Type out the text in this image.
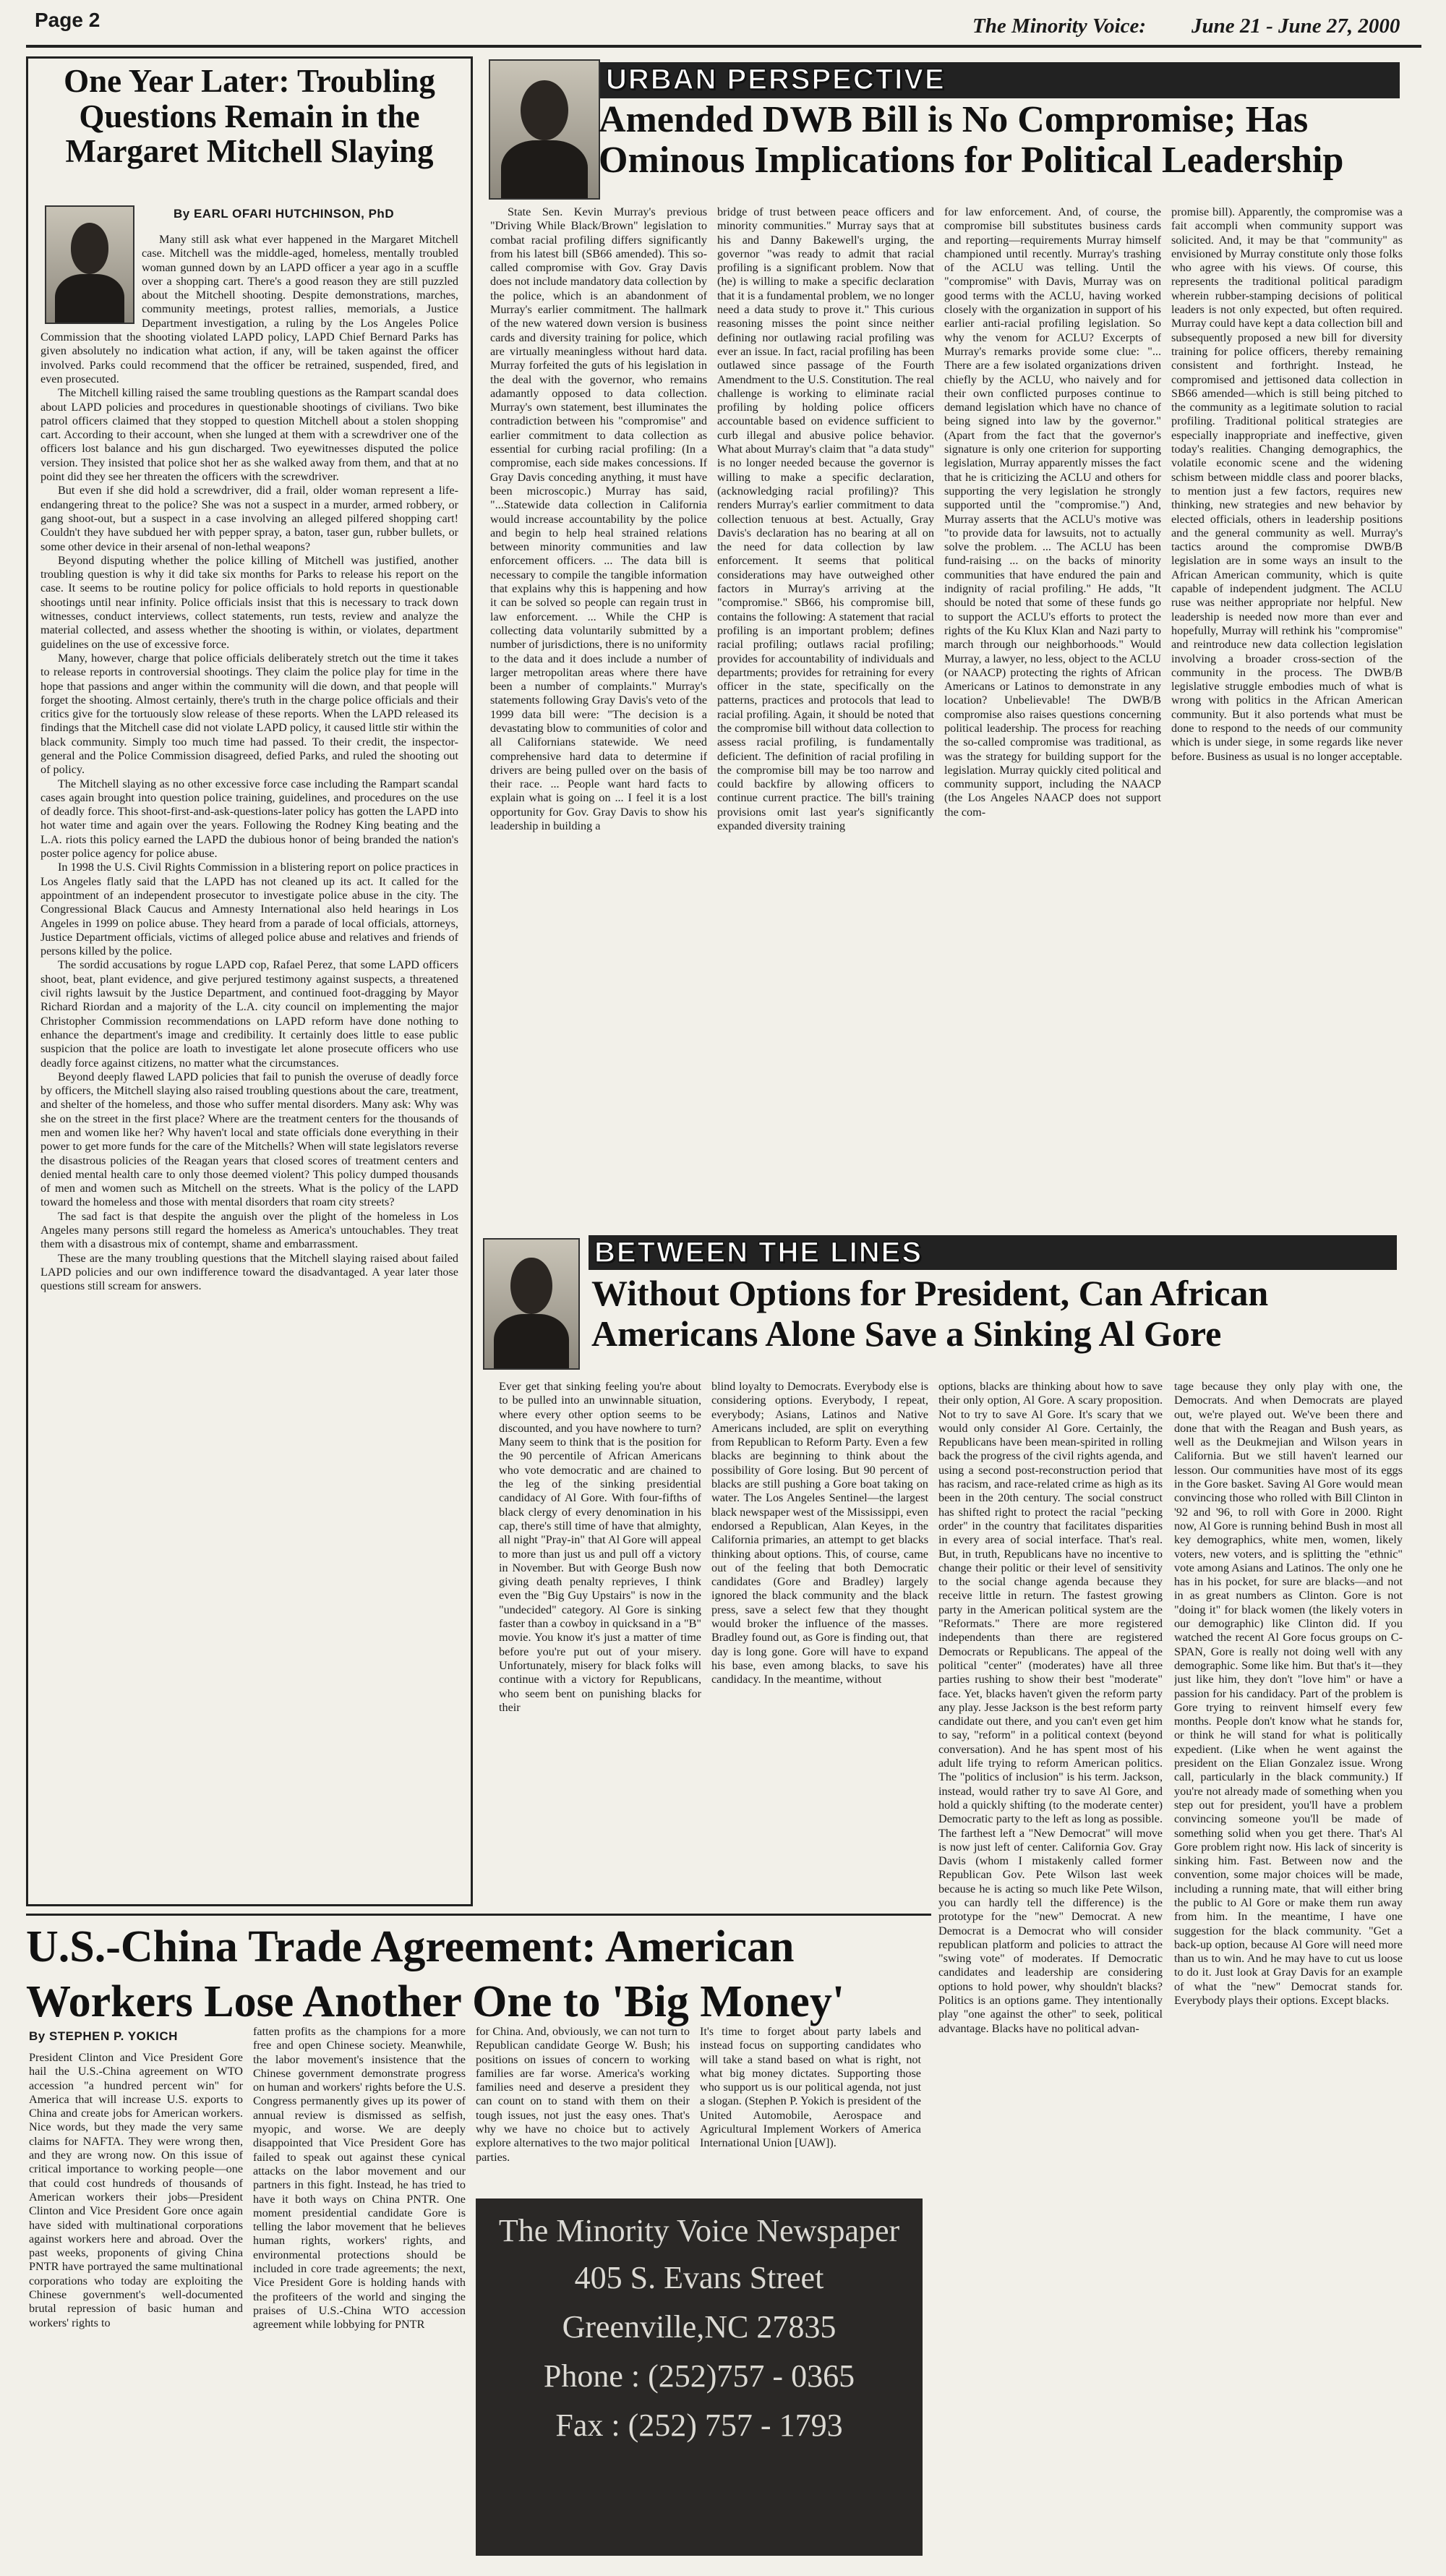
Page 2	The Minority Voice: June 21 - June 27, 2000
One Year Later: Troubling Questions Remain in the Margaret Mitchell Slaying
By EARL OFARI HUTCHINSON, PhD

Many still ask what ever happened in the Margaret Mitchell case. Mitchell was the middle-aged, homeless, mentally troubled woman gunned down by an LAPD officer a year ago in a scuffle over a shopping cart. There's a good reason they are still puzzled about the Mitchell shooting. Despite demonstrations, marches, community meetings, protest rallies, memorials, a Justice Department investigation, a ruling by the Los Angeles Police Commission that the shooting violated LAPD policy, LAPD Chief Bernard Parks has given absolutely no indication what action, if any, will be taken against the officer involved. Parks could recommend that the officer be retrained, suspended, fired, and even prosecuted.

The Mitchell killing raised the same troubling questions as the Rampart scandal does about LAPD policies and procedures in questionable shootings of civilians. Two bike patrol officers claimed that they stopped to question Mitchell about a stolen shopping cart. According to their account, when she lunged at them with a screwdriver one of the officers lost balance and his gun discharged. Two eyewitnesses disputed the police version. They insisted that police shot her as she walked away from them, and that at no point did they see her threaten the officers with the screwdriver.

But even if she did hold a screwdriver, did a frail, older woman represent a life-endangering threat to the police? She was not a suspect in a murder, armed robbery, or gang shoot-out, but a suspect in a case involving an alleged pilfered shopping cart! Couldn't they have subdued her with pepper spray, a baton, taser gun, rubber bullets, or some other device in their arsenal of non-lethal weapons?

Beyond disputing whether the police killing of Mitchell was justified, another troubling question is why it did take six months for Parks to release his report on the case. It seems to be routine policy for police officials to hold reports in questionable shootings until near infinity. Police officials insist that this is necessary to track down witnesses, conduct interviews, collect statements, run tests, review and analyze the material collected, and assess whether the shooting is within, or violates, department guidelines on the use of excessive force.

Many, however, charge that police officials deliberately stretch out the time it takes to release reports in controversial shootings. They claim the police play for time in the hope that passions and anger within the community will die down, and that people will forget the shooting. Almost certainly, there's truth in the charge police officials and their critics give for the tortuously slow release of these reports. When the LAPD released its findings that the Mitchell case did not violate LAPD policy, it caused little stir within the black community. Simply too much time had passed. To their credit, the inspector-general and the Police Commission disagreed, defied Parks, and ruled the shooting out of policy.

The Mitchell slaying as no other excessive force case including the Rampart scandal cases again brought into question police training, guidelines, and procedures on the use of deadly force. This shoot-first-and-ask-questions-later policy has gotten the LAPD into hot water time and again over the years. Following the Rodney King beating and the L.A. riots this policy earned the LAPD the dubious honor of being branded the nation's poster police agency for police abuse.

In 1998 the U.S. Civil Rights Commission in a blistering report on police practices in Los Angeles flatly said that the LAPD has not cleaned up its act. It called for the appointment of an independent prosecutor to investigate police abuse in the city. The Congressional Black Caucus and Amnesty International also held hearings in Los Angeles in 1999 on police abuse. They heard from a parade of local officials, attorneys, Justice Department officials, victims of alleged police abuse and relatives and friends of persons killed by the police.

The sordid accusations by rogue LAPD cop, Rafael Perez, that some LAPD officers shoot, beat, plant evidence, and give perjured testimony against suspects, a threatened civil rights lawsuit by the Justice Department, and continued foot-dragging by Mayor Richard Riordan and a majority of the L.A. city council on implementing the major Christopher Commission recommendations on LAPD reform have done nothing to enhance the department's image and credibility. It certainly does little to ease public suspicion that the police are loath to investigate let alone prosecute officers who use deadly force against citizens, no matter what the circumstances.

Beyond deeply flawed LAPD policies that fail to punish the overuse of deadly force by officers, the Mitchell slaying also raised troubling questions about the care, treatment, and shelter of the homeless, and those who suffer mental disorders. Many ask: Why was she on the street in the first place? Where are the treatment centers for the thousands of men and women like her? Why haven't local and state officials done everything in their power to get more funds for the care of the Mitchells? When will state legislators reverse the disastrous policies of the Reagan years that closed scores of treatment centers and denied mental health care to only those deemed violent? This policy dumped thousands of men and women such as Mitchell on the streets. What is the policy of the LAPD toward the homeless and those with mental disorders that roam city streets?

The sad fact is that despite the anguish over the plight of the homeless in Los Angeles many persons still regard the homeless as America's untouchables. They treat them with a disastrous mix of contempt, shame and embarrassment.

These are the many troubling questions that the Mitchell slaying raised about failed LAPD policies and our own indifference toward the disadvantaged. A year later those questions still scream for answers.

URBAN PERSPECTIVE
Amended DWB Bill is No Compromise; Has Ominous Implications for Political Leadership
State Sen. Kevin Murray's previous "Driving While Black/Brown" legislation to combat racial profiling differs significantly from his latest bill (SB66 amended). This so-called compromise with Gov. Gray Davis does not include mandatory data collection by the police, which is an abandonment of Murray's earlier commitment. The hallmark of the new watered down version is business cards and diversity training for police, which are virtually meaningless without hard data. Murray forfeited the guts of his legislation in the deal with the governor, who remains adamantly opposed to data collection. Murray's own statement, best illuminates the contradiction between his "compromise" and earlier commitment to data collection as essential for curbing racial profiling: (In a compromise, each side makes concessions. If Gray Davis conceding anything, it must have been microscopic.) Murray has said, "...Statewide data collection in California would increase accountability by the police and begin to help heal strained relations between minority communities and law enforcement officers. ... The data bill is necessary to compile the tangible information that explains why this is happening and how it can be solved so people can regain trust in law enforcement. ... While the CHP is collecting data voluntarily submitted by a number of jurisdictions, there is no uniformity to the data and it does include a number of larger metropolitan areas where there have been a number of complaints." Murray's statements following Gray Davis's veto of the 1999 data bill were: "The decision is a devastating blow to communities of color and all Californians statewide. We need comprehensive hard data to determine if drivers are being pulled over on the basis of their race. ... People want hard facts to explain what is going on ... I feel it is a lost opportunity for Gov. Gray Davis to show his leadership in building a
bridge of trust between peace officers and minority communities." Murray says that at his and Danny Bakewell's urging, the governor "was ready to admit that racial profiling is a significant problem. Now that (he) is willing to make a specific declaration that it is a fundamental problem, we no longer need a data study to prove it." This curious reasoning misses the point since neither defining nor outlawing racial profiling was ever an issue. In fact, racial profiling has been outlawed since passage of the Fourth Amendment to the U.S. Constitution. The real challenge is working to eliminate racial profiling by holding police officers accountable based on evidence sufficient to curb illegal and abusive police behavior. What about Murray's claim that "a data study" is no longer needed because the governor is willing to make a specific declaration, (acknowledging racial profiling)? This renders Murray's earlier commitment to data collection tenuous at best. Actually, Gray Davis's declaration has no bearing at all on the need for data collection by law enforcement. It seems that political considerations may have outweighed other factors in Murray's arriving at the "compromise." SB66, his compromise bill, contains the following: A statement that racial profiling is an important problem; defines racial profiling; outlaws racial profiling; provides for accountability of individuals and departments; provides for retraining for every officer in the state, specifically on the patterns, practices and protocols that lead to racial profiling. Again, it should be noted that the compromise bill without data collection to assess racial profiling, is fundamentally deficient. The definition of racial profiling in the compromise bill may be too narrow and could backfire by allowing officers to continue current practice. The bill's training provisions omit last year's significantly expanded diversity training
for law enforcement. And, of course, the compromise bill substitutes business cards and reporting—requirements Murray himself championed until recently. Murray's trashing of the ACLU was telling. Until the "compromise" with Davis, Murray was on good terms with the ACLU, having worked closely with the organization in support of his earlier anti-racial profiling legislation. So why the venom for ACLU? Excerpts of Murray's remarks provide some clue: "... There are a few isolated organizations driven chiefly by the ACLU, who naively and for their own conflicted purposes continue to demand legislation which have no chance of being signed into law by the governor." (Apart from the fact that the governor's signature is only one criterion for supporting legislation, Murray apparently misses the fact that he is criticizing the ACLU and others for supporting the very legislation he strongly supported until the "compromise.") And, Murray asserts that the ACLU's motive was "to provide data for lawsuits, not to actually solve the problem. ... The ACLU has been fund-raising ... on the backs of minority communities that have endured the pain and indignity of racial profiling." He adds, "It should be noted that some of these funds go to support the ACLU's efforts to protect the rights of the Ku Klux Klan and Nazi party to march through our neighborhoods." Would Murray, a lawyer, no less, object to the ACLU (or NAACP) protecting the rights of African Americans or Latinos to demonstrate in any location? Unbelievable! The DWB/B compromise also raises questions concerning political leadership. The process for reaching the so-called compromise was traditional, as was the strategy for building support for the legislation. Murray quickly cited political and community support, including the NAACP (the Los Angeles NAACP does not support the com-
promise bill). Apparently, the compromise was a fait accompli when community support was solicited. And, it may be that "community" as envisioned by Murray constitute only those folks who agree with his views. Of course, this represents the traditional political paradigm wherein rubber-stamping decisions of political leaders is not only expected, but often required. Murray could have kept a data collection bill and subsequently proposed a new bill for diversity training for police officers, thereby remaining consistent and forthright. Instead, he compromised and jettisoned data collection in SB66 amended—which is still being pitched to the community as a legitimate solution to racial profiling. Traditional political strategies are especially inappropriate and ineffective, given today's realities. Changing demographics, the volatile economic scene and the widening schism between middle class and poorer blacks, to mention just a few factors, requires new thinking, new strategies and new behavior by elected officials, others in leadership positions and the general community as well. Murray's tactics around the compromise DWB/B legislation are in some ways an insult to the African American community, which is quite capable of independent judgment. The ACLU ruse was neither appropriate nor helpful. New leadership is needed now more than ever and hopefully, Murray will rethink his "compromise" and reintroduce new data collection legislation involving a broader cross-section of the community in the process. The DWB/B legislative struggle embodies much of what is wrong with politics in the African American community. But it also portends what must be done to respond to the needs of our community which is under siege, in some regards like never before. Business as usual is no longer acceptable.
BETWEEN THE LINES
Without Options for President, Can African Americans Alone Save a Sinking Al Gore
Ever get that sinking feeling you're about to be pulled into an unwinnable situation, where every other option seems to be discounted, and you have nowhere to turn? Many seem to think that is the position for the 90 percentile of African Americans who vote democratic and are chained to the leg of the sinking presidential candidacy of Al Gore. With four-fifths of black clergy of every denomination in his cap, there's still time of have that almighty, all night "Pray-in" that Al Gore will appeal to more than just us and pull off a victory in November. But with George Bush now giving death penalty reprieves, I think even the "Big Guy Upstairs" is now in the "undecided" category. Al Gore is sinking faster than a cowboy in quicksand in a "B" movie. You know it's just a matter of time before you're put out of your misery. Unfortunately, misery for black folks will continue with a victory for Republicans, who seem bent on punishing blacks for their
blind loyalty to Democrats. Everybody else is considering options. Everybody, I repeat, everybody; Asians, Latinos and Native Americans included, are split on everything from Republican to Reform Party. Even a few blacks are beginning to think about the possibility of Gore losing. But 90 percent of blacks are still pushing a Gore boat taking on water. The Los Angeles Sentinel—the largest black newspaper west of the Mississippi, even endorsed a Republican, Alan Keyes, in the California primaries, an attempt to get blacks thinking about options. This, of course, came out of the feeling that both Democratic candidates (Gore and Bradley) largely ignored the black community and the black press, save a select few that they thought would broker the influence of the masses. Bradley found out, as Gore is finding out, that day is long gone. Gore will have to expand his base, even among blacks, to save his candidacy. In the meantime, without
options, blacks are thinking about how to save their only option, Al Gore. A scary proposition. Not to try to save Al Gore. It's scary that we would only consider Al Gore. Certainly, the Republicans have been mean-spirited in rolling back the progress of the civil rights agenda, and using a second post-reconstruction period that has racism, and race-related crime as high as its been in the 20th century. The social construct has shifted right to protect the racial "pecking order" in the country that facilitates disparities in every area of social interface. That's real. But, in truth, Republicans have no incentive to change their politic or their level of sensitivity to the social change agenda because they receive little in return. The fastest growing party in the American political system are the "Reformats." There are more registered independents than there are registered Democrats or Republicans. The appeal of the political "center" (moderates) have all three parties rushing to show their best "moderate" face. Yet, blacks haven't given the reform party any play. Jesse Jackson is the best reform party candidate out there, and you can't even get him to say, "reform" in a political context (beyond conversation). And he has spent most of his adult life trying to reform American politics. The "politics of inclusion" is his term. Jackson, instead, would rather try to save Al Gore, and hold a quickly shifting (to the moderate center) Democratic party to the left as long as possible. The farthest left a "New Democrat" will move is now just left of center. California Gov. Gray Davis (whom I mistakenly called former Republican Gov. Pete Wilson last week because he is acting so much like Pete Wilson, you can hardly tell the difference) is the prototype for the "new" Democrat. A new Democrat is a Democrat who will consider republican platform and policies to attract the "swing vote" of moderates. If Democratic candidates and leadership are considering options to hold power, why shouldn't blacks? Politics is an options game. They intentionally play "one against the other" to seek, political advantage. Blacks have no political advan-
tage because they only play with one, the Democrats. And when Democrats are played out, we're played out. We've been there and done that with the Reagan and Bush years, as well as the Deukmejian and Wilson years in California. But we still haven't learned our lesson. Our communities have most of its eggs in the Gore basket. Saving Al Gore would mean convincing those who rolled with Bill Clinton in '92 and '96, to roll with Gore in 2000. Right now, Al Gore is running behind Bush in most all key demographics, white men, women, likely voters, new voters, and is splitting the "ethnic" vote among Asians and Latinos. The only one he has in his pocket, for sure are blacks—and not in as great numbers as Clinton. Gore is not "doing it" for black women (the likely voters in our demographic) like Clinton did. If you watched the recent Al Gore focus groups on C-SPAN, Gore is really not doing well with any demographic. Some like him. But that's it—they just like him, they don't "love him" or have a passion for his candidacy. Part of the problem is Gore trying to reinvent himself every few months. People don't know what he stands for, or think he will stand for what is politically expedient. (Like when he went against the president on the Elian Gonzalez issue. Wrong call, particularly in the black community.) If you're not already made of something when you step out for president, you'll have a problem convincing someone you'll be made of something solid when you get there. That's Al Gore problem right now. His lack of sincerity is sinking him. Fast. Between now and the convention, some major choices will be made, including a running mate, that will either bring the public to Al Gore or make them run away from him. In the meantime, I have one suggestion for the black community. "Get a back-up option, because Al Gore will need more than us to win. And he may have to cut us loose to do it. Just look at Gray Davis for an example of what the "new" Democrat stands for. Everybody plays their options. Except blacks.
U.S.-China Trade Agreement: American Workers Lose Another One to 'Big Money'
By STEPHEN P. YOKICH
President Clinton and Vice President Gore hail the U.S.-China agreement on WTO accession "a hundred percent win" for America that will increase U.S. exports to China and create jobs for American workers. Nice words, but they made the very same claims for NAFTA. They were wrong then, and they are wrong now. On this issue of critical importance to working people—one that could cost hundreds of thousands of American workers their jobs—President Clinton and Vice President Gore once again have sided with multinational corporations against workers here and abroad. Over the past weeks, proponents of giving China PNTR have portrayed the same multinational corporations who today are exploiting the Chinese government's well-documented brutal repression of basic human and workers' rights to
fatten profits as the champions for a more free and open Chinese society. Meanwhile, the labor movement's insistence that the Chinese government demonstrate progress on human and workers' rights before the U.S. Congress permanently gives up its power of annual review is dismissed as selfish, myopic, and worse. We are deeply disappointed that Vice President Gore has failed to speak out against these cynical attacks on the labor movement and our partners in this fight. Instead, he has tried to have it both ways on China PNTR. One moment presidential candidate Gore is telling the labor movement that he believes human rights, workers' rights, and environmental protections should be included in core trade agreements; the next, Vice President Gore is holding hands with the profiteers of the world and singing the praises of U.S.-China WTO accession agreement while lobbying for PNTR
for China. And, obviously, we can not turn to Republican candidate George W. Bush; his positions on issues of concern to working families are far worse. America's working families need and deserve a president they can count on to stand with them on their tough issues, not just the easy ones. That's why we have no choice but to actively explore alternatives to the two major political parties.
It's time to forget about party labels and instead focus on supporting candidates who will take a stand based on what is right, not what big money dictates. Supporting those who support us is our political agenda, not just a slogan. (Stephen P. Yokich is president of the United Automobile, Aerospace and Agricultural Implement Workers of America International Union [UAW]).
The Minority Voice Newspaper
405 S. Evans Street
Greenville,NC 27835
Phone : (252)757 - 0365
Fax : (252) 757 - 1793
